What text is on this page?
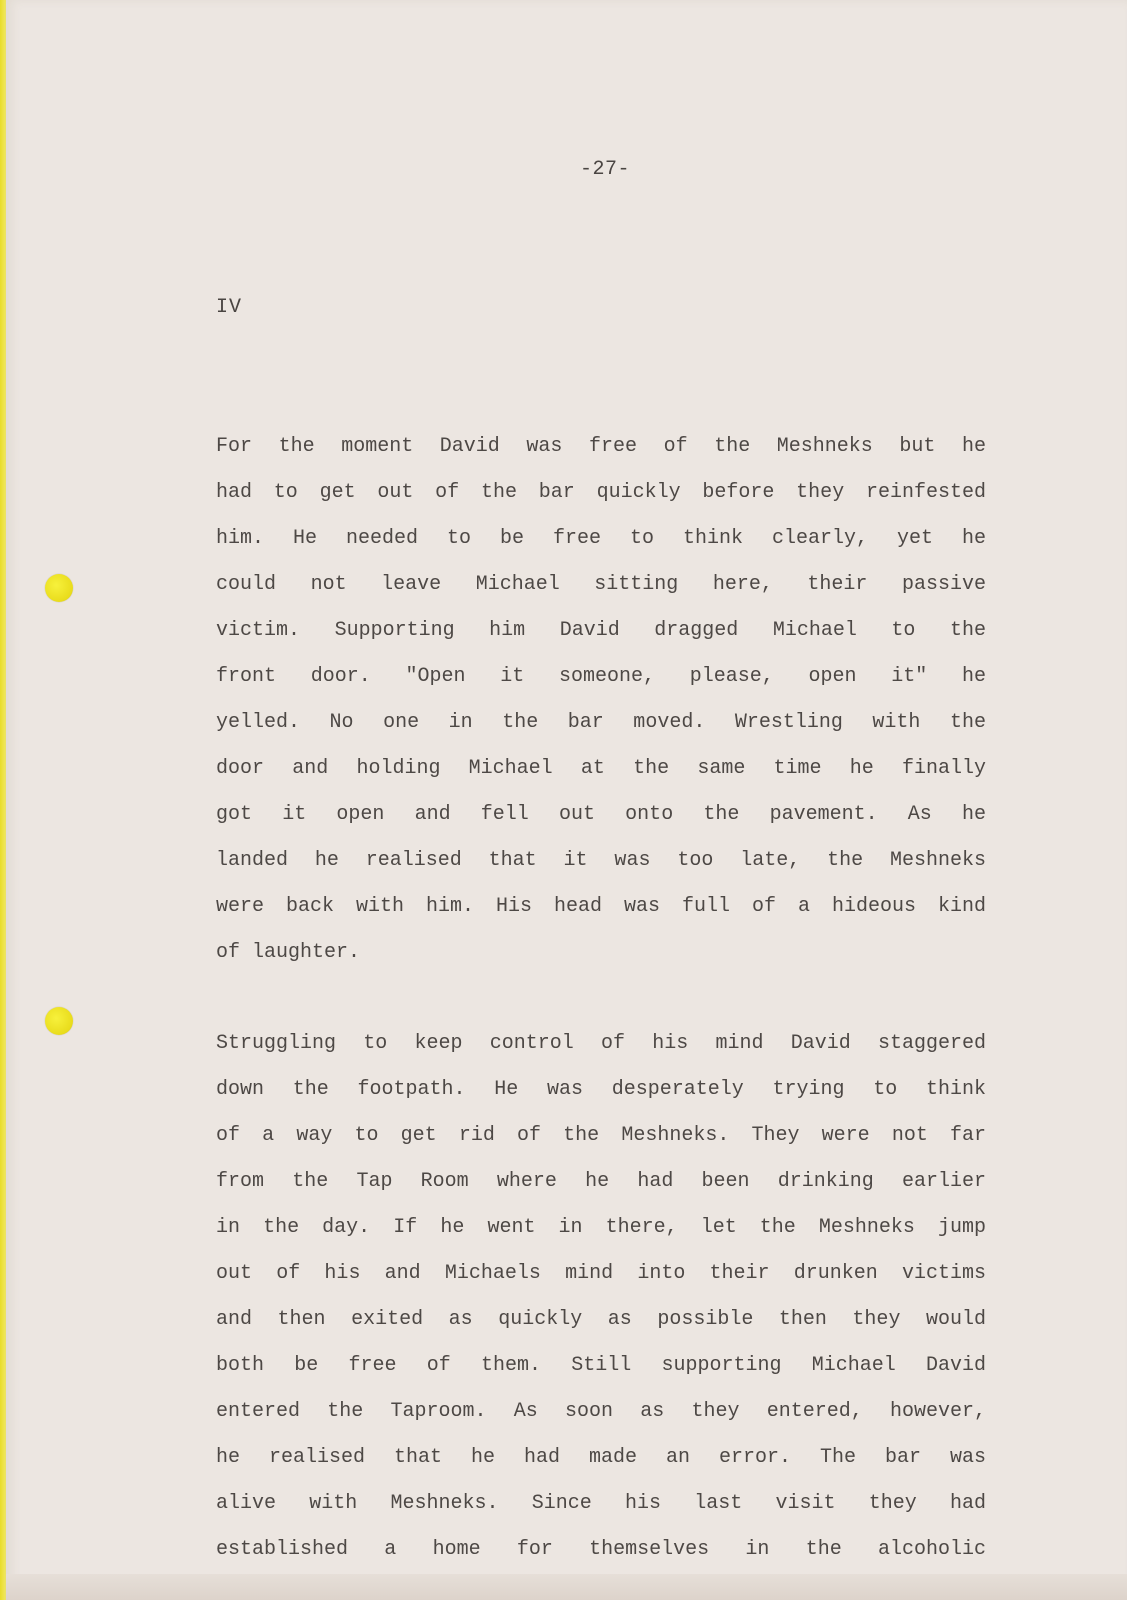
-27-
IV

For the moment David was free of the Meshneks but he
had to get out of the bar quickly before they reinfested
him. He needed to be free to think clearly, yet he
could not leave Michael sitting here, their passive
victim. Supporting him David dragged Michael to the
front door. "Open it someone, please, open it" he
yelled. No one in the bar moved. Wrestling with the
door and holding Michael at the same time he finally
got it open and fell out onto the pavement. As he
landed he realised that it was too late, the Meshneks
were back with him. His head was full of a hideous kind
of laughter.

Struggling to keep control of his mind David staggered
down the footpath. He was desperately trying to think
of a way to get rid of the Meshneks. They were not far
from the Tap Room where he had been drinking earlier
in the day. If he went in there, let the Meshneks jump
out of his and Michaels mind into their drunken victims
and then exited as quickly as possible then they would
both be free of them. Still supporting Michael David
entered the Taproom. As soon as they entered, however,
he realised that he had made an error. The bar was
alive with Meshneks. Since his last visit they had
established a home for themselves in the alcoholic
